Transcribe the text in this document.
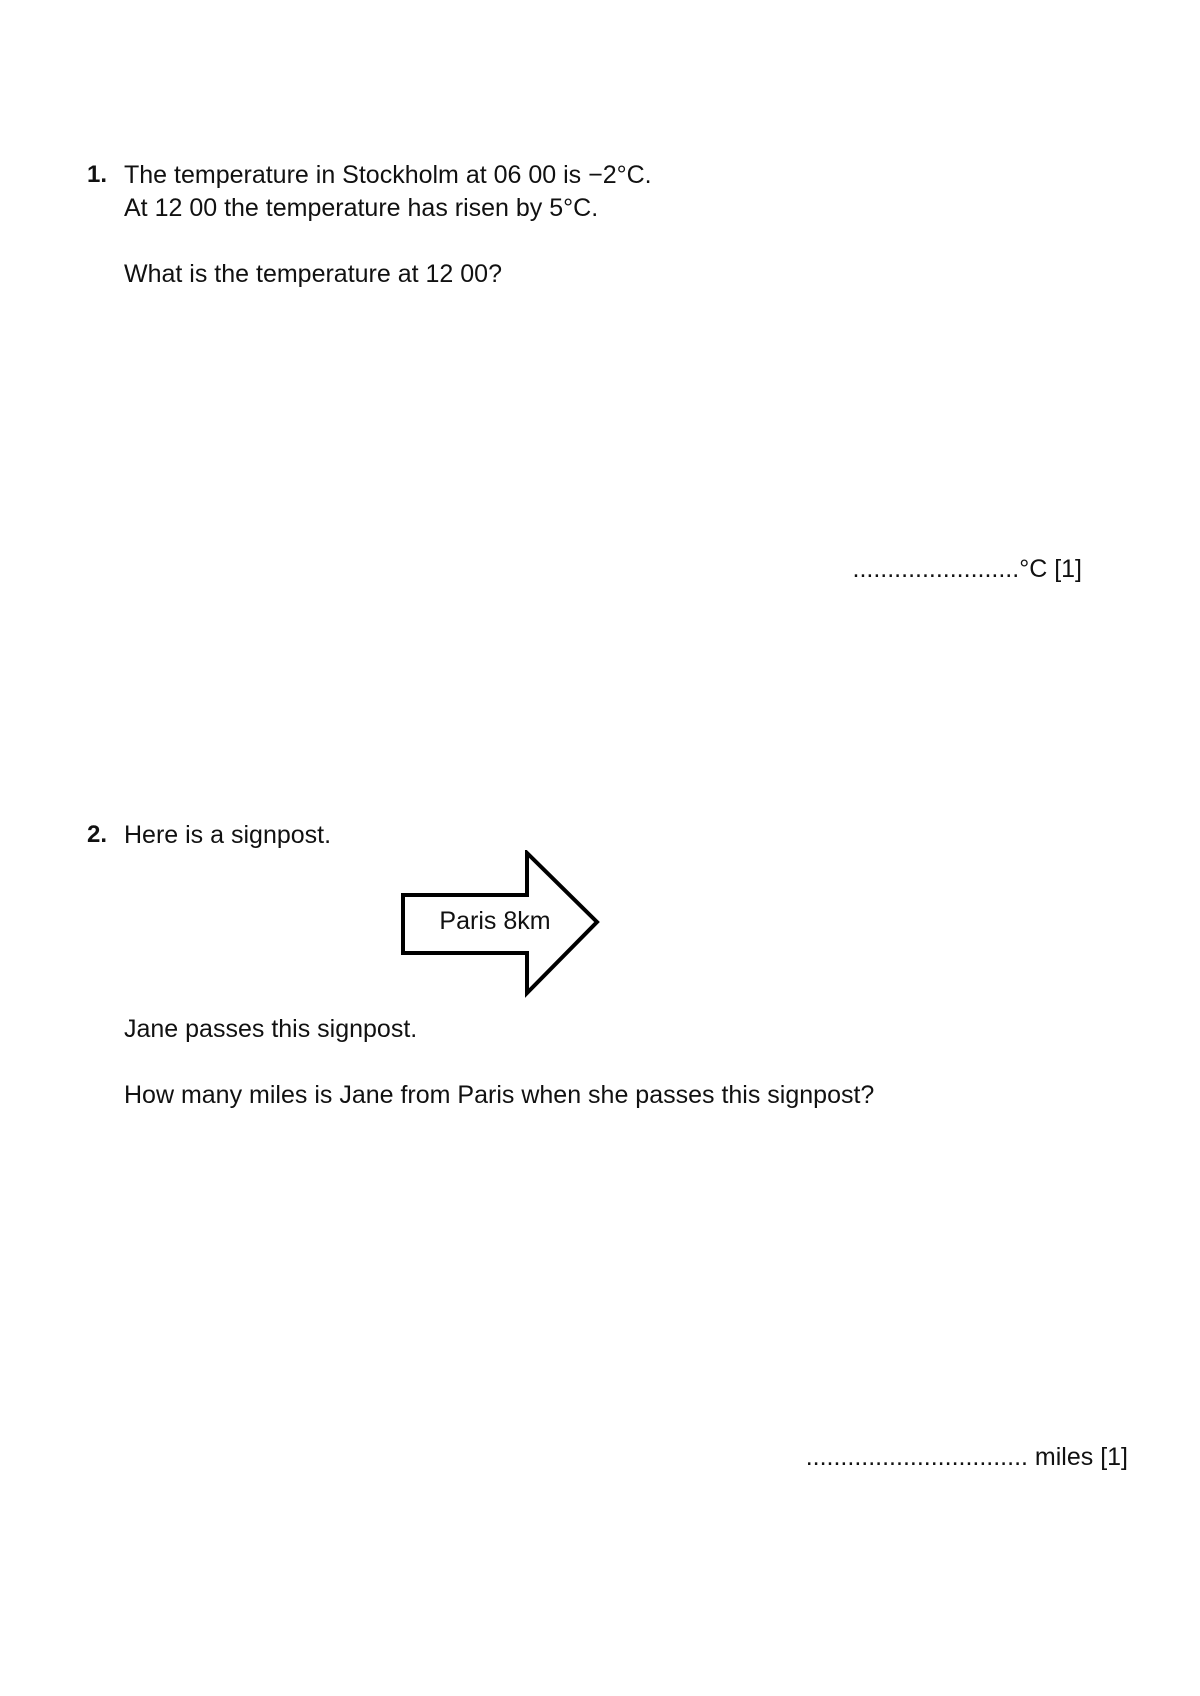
1. The temperature in Stockholm at 06 00 is −2°C.
At 12 00 the temperature has risen by 5°C.
What is the temperature at 12 00?
........................°C [1]
2. Here is a signpost.
Paris 8km
Jane passes this signpost.
How many miles is Jane from Paris when she passes this signpost?
................................ miles [1]
